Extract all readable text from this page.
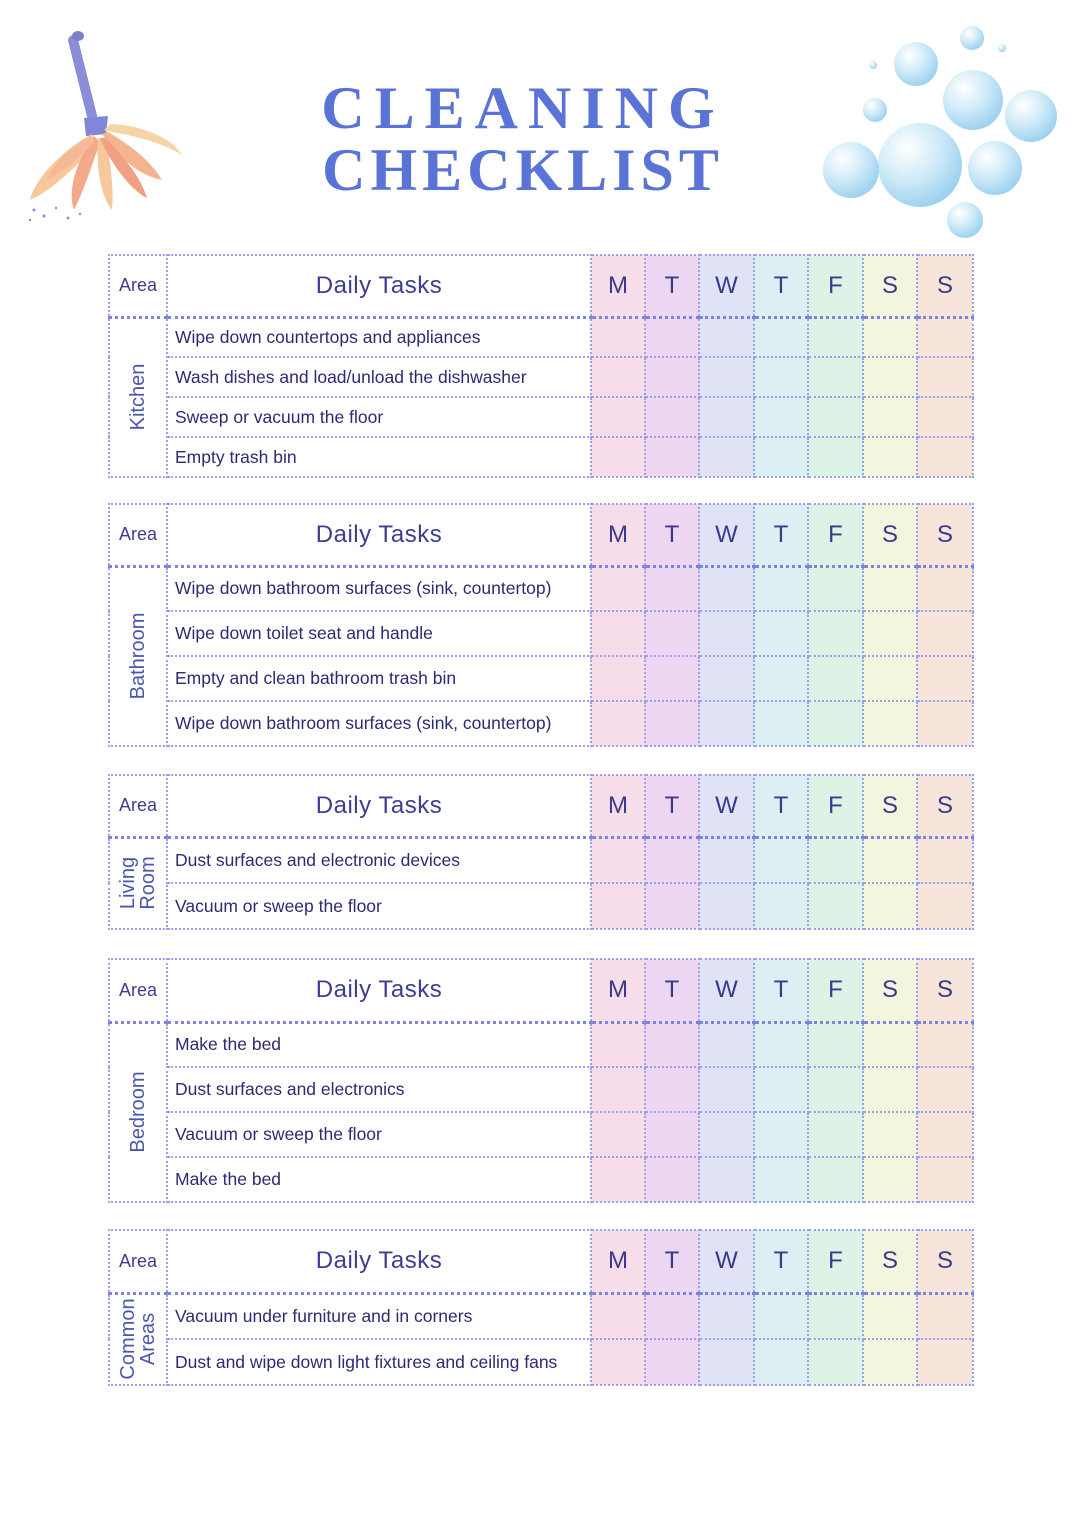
CLEANING
CHECKLIST
Area	Daily Tasks	M	T	W	T	F	S	S

Kitchen	Wipe down countertops and appliances							
	Wash dishes and load/unload the dishwasher							
	Sweep or vacuum the floor							
	Empty trash bin							
Area	Daily Tasks	M	T	W	T	F	S	S

Bathroom	Wipe down bathroom surfaces (sink, countertop)							
	Wipe down toilet seat and handle							
	Empty and clean bathroom trash bin							
	Wipe down bathroom surfaces (sink, countertop)							
Area	Daily Tasks	M	T	W	T	F	S	S

Living
Room	Dust surfaces and electronic devices							
	Vacuum or sweep the floor							
Area	Daily Tasks	M	T	W	T	F	S	S

Bedroom	Make the bed							
	Dust surfaces and electronics							
	Vacuum or sweep the floor							
	Make the bed							
Area	Daily Tasks	M	T	W	T	F	S	S

Common
Areas	Vacuum under furniture and in corners							
	Dust and wipe down light fixtures and ceiling fans							
